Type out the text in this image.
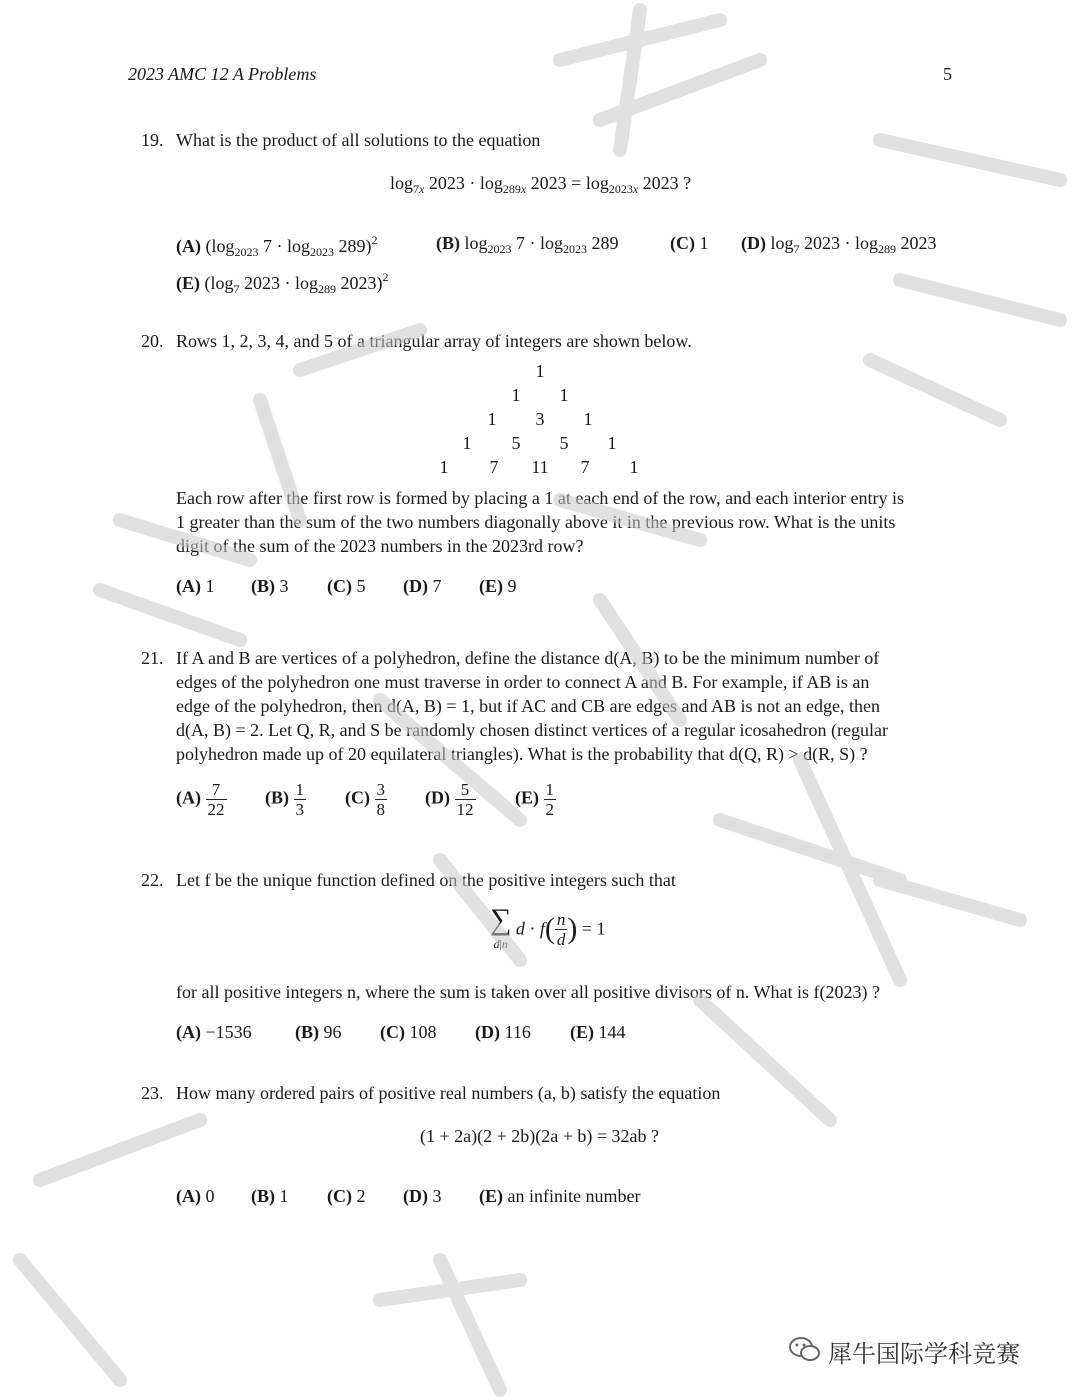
2023 AMC 12 A Problems	5
19. What is the product of all solutions to the equation
$\log_{7x} 2023 \cdot \log_{289x} 2023 = \log_{2023x} 2023$ ?
(A) ($\log_{2023}$ $7 \cdot \log_{2023} 289)^2$	(B) $\log_{2023} 7 \cdot \log_{2023} 289$	(C) 1 (D) $\log_7 2023 \cdot \log_{289} 2023$
(E) ($\log_7$ $2023 \cdot \log_{289} 2023)^2$
20. Rows 1, 2, 3, 4, and 5 of a triangular array of integers are shown below.
1
1	1
1	3	1
1	5	5	1
1	7	11	7	1
Each row after the first row is formed by placing a 1 at each end of the row, and each interior entry is
1 greater than the sum of the two numbers diagonally above it in the previous row. What is the units
digit of the sum of the 2023 numbers in the 2023rd row?
(A) 1 (B) 3 (C) 5 (D) 7 (E) 9
21. If A and B are vertices of a polyhedron, define the distance d(A, B) to be the minimum number of
edges of the polyhedron one must traverse in order to connect A and B. For example, if AB is an
edge of the polyhedron, then d(A, B) = 1, but if AC and CB are edges and AB is not an edge, then
d(A, B) = 2. Let Q, R, and S be randomly chosen distinct vertices of a regular icosahedron (regular
polyhedron made up of 20 equilateral triangles). What is the probability that d(Q, R) > d(R, S) ?
$(A) \frac{7}{22} (B) \frac{1}{3} (C) \frac{3}{8} (D) \frac{5}{12} (E) \frac{1}{2}$
22. Let f be the unique function defined on the positive integers such that
∑
d|n
$d \cdot f( \frac{n}{d}$ ) = 1
for all positive integers n, where the sum is taken over all positive divisors of n. What is f(2023) ?
(A) −1536 (B) 96 (C) 108 (D) 116 (E) 144
23. How many ordered pairs of positive real numbers (a, b) satisfy the equation
(1 + 2a)(2 + 2b)(2a + b) = 32ab ?
(A) 0 (B) 1 (C) 2 (D) 3 (E) an infinite number
犀牛国际学科竞赛
